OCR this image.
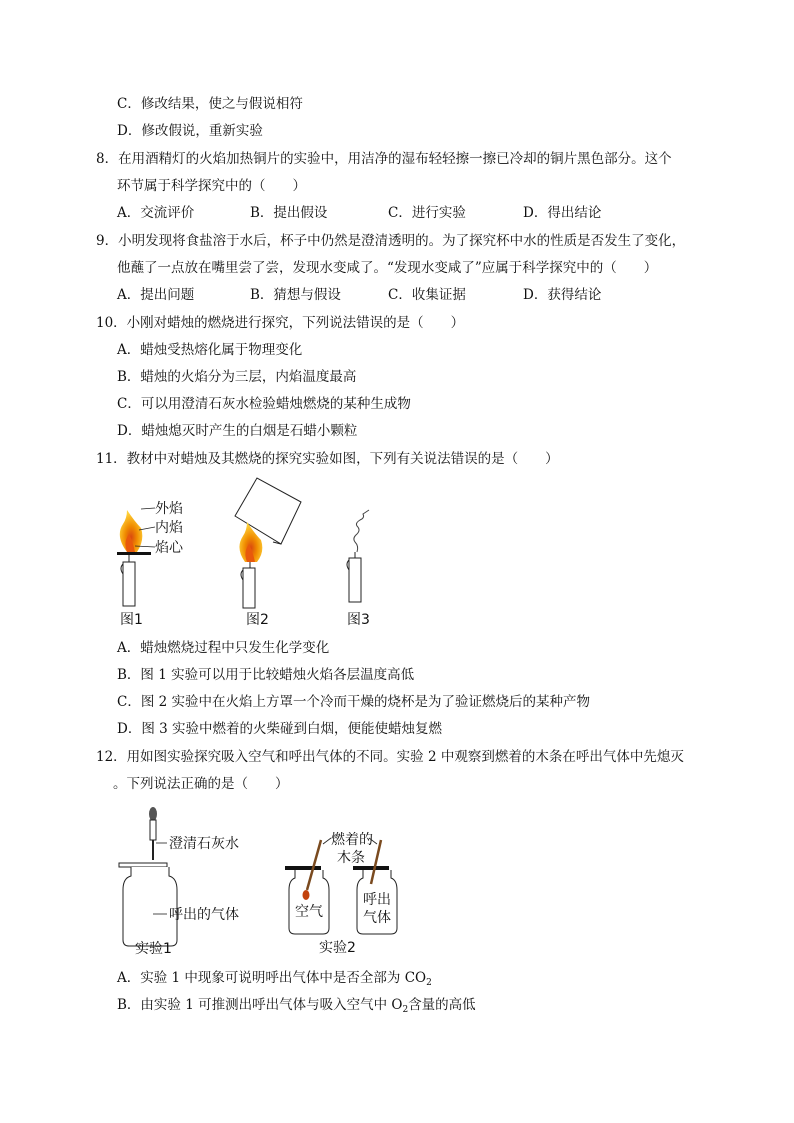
C．修改结果，使之与假说相符
D．修改假说，重新实验
8．在用酒精灯的火焰加热铜片的实验中，用洁净的湿布轻轻擦一擦已冷却的铜片黑色部分。这个
环节属于科学探究中的（　　）
A．交流评价	B．提出假设	C．进行实验	D．得出结论
9．小明发现将食盐溶于水后，杯子中仍然是澄清透明的。为了探究杯中水的性质是否发生了变化，
他蘸了一点放在嘴里尝了尝，发现水变咸了。“发现水变咸了”应属于科学探究中的（　　）
A．提出问题	B．猜想与假设	C．收集证据	D．获得结论
10．小刚对蜡烛的燃烧进行探究，下列说法错误的是（　　）
A．蜡烛受热熔化属于物理变化
B．蜡烛的火焰分为三层，内焰温度最高
C．可以用澄清石灰水检验蜡烛燃烧的某种生成物
D．蜡烛熄灭时产生的白烟是石蜡小颗粒
11．教材中对蜡烛及其燃烧的探究实验如图，下列有关说法错误的是（　　）
外焰
内焰
焰心
图1	图2	图3
A．蜡烛燃烧过程中只发生化学变化
B．图 1 实验可以用于比较蜡烛火焰各层温度高低
C．图 2 实验中在火焰上方罩一个冷而干燥的烧杯是为了验证燃烧后的某种产物
D．图 3 实验中燃着的火柴碰到白烟，便能使蜡烛复燃
12．用如图实验探究吸入空气和呼出气体的不同。实验 2 中观察到燃着的木条在呼出气体中先熄灭
。下列说法正确的是（　　）
澄清石灰水
呼出的气体
实验1
燃着的
木条
空气
呼出
气体
实验2
A．实验 1 中现象可说明呼出气体中是否全部为 $CO_2$
B．由实验 1 可推测出呼出气体与吸入空气中 $O_2$含量的高低
